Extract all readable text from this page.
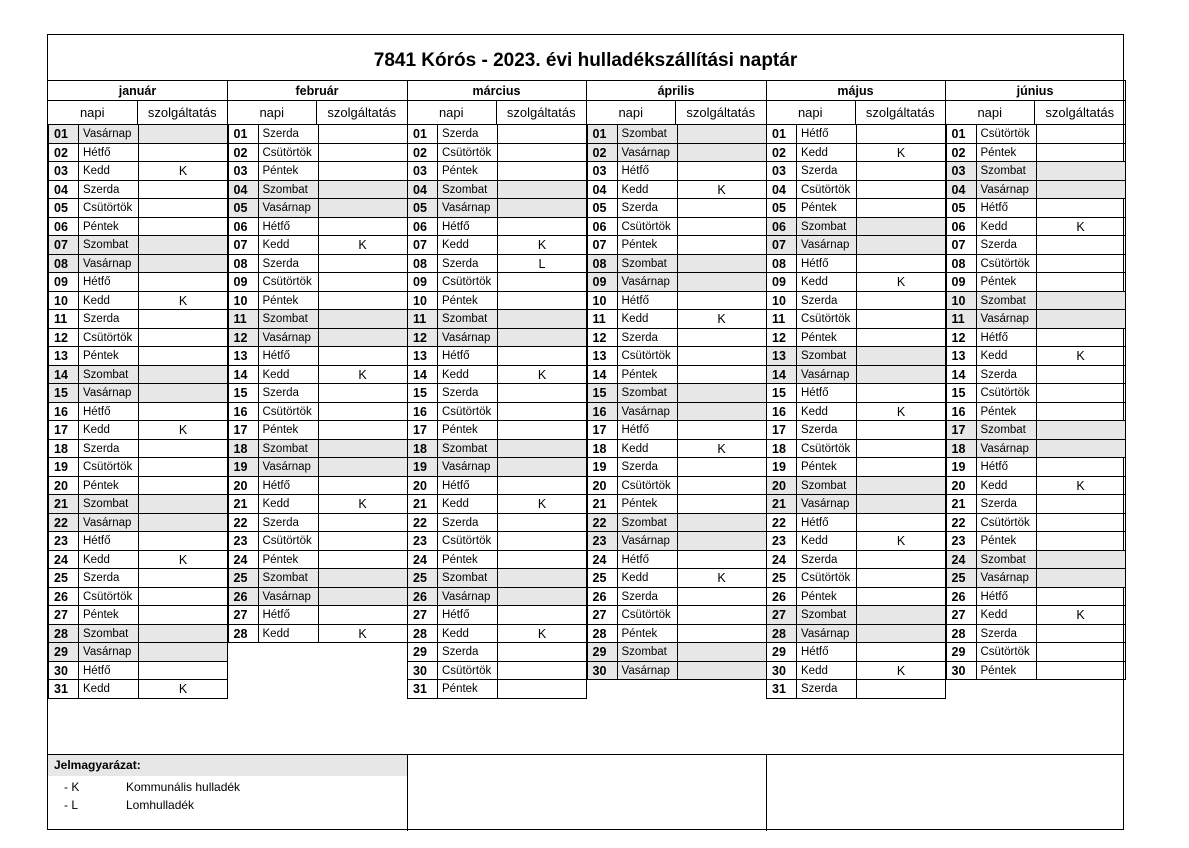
7841 Kórós - 2023. évi hulladékszállítási naptár
január
napi	szolgáltatás
01	Vasárnap
02	Hétfő
03	Kedd	K
04	Szerda
05	Csütörtök
06	Péntek
07	Szombat
08	Vasárnap
09	Hétfő
10	Kedd	K
11	Szerda
12	Csütörtök
13	Péntek
14	Szombat
15	Vasárnap
16	Hétfő
17	Kedd	K
18	Szerda
19	Csütörtök
20	Péntek
21	Szombat
22	Vasárnap
23	Hétfő
24	Kedd	K
25	Szerda
26	Csütörtök
27	Péntek
28	Szombat
29	Vasárnap
30	Hétfő
31	Kedd	K
február
napi	szolgáltatás
01	Szerda
02	Csütörtök
03	Péntek
04	Szombat
05	Vasárnap
06	Hétfő
07	Kedd	K
08	Szerda
09	Csütörtök
10	Péntek
11	Szombat
12	Vasárnap
13	Hétfő
14	Kedd	K
15	Szerda
16	Csütörtök
17	Péntek
18	Szombat
19	Vasárnap
20	Hétfő
21	Kedd	K
22	Szerda
23	Csütörtök
24	Péntek
25	Szombat
26	Vasárnap
27	Hétfő
28	Kedd	K
március
napi	szolgáltatás
01	Szerda
02	Csütörtök
03	Péntek
04	Szombat
05	Vasárnap
06	Hétfő
07	Kedd	K
08	Szerda	L
09	Csütörtök
10	Péntek
11	Szombat
12	Vasárnap
13	Hétfő
14	Kedd	K
15	Szerda
16	Csütörtök
17	Péntek
18	Szombat
19	Vasárnap
20	Hétfő
21	Kedd	K
22	Szerda
23	Csütörtök
24	Péntek
25	Szombat
26	Vasárnap
27	Hétfő
28	Kedd	K
29	Szerda
30	Csütörtök
31	Péntek
április
napi	szolgáltatás
01	Szombat
02	Vasárnap
03	Hétfő
04	Kedd	K
05	Szerda
06	Csütörtök
07	Péntek
08	Szombat
09	Vasárnap
10	Hétfő
11	Kedd	K
12	Szerda
13	Csütörtök
14	Péntek
15	Szombat
16	Vasárnap
17	Hétfő
18	Kedd	K
19	Szerda
20	Csütörtök
21	Péntek
22	Szombat
23	Vasárnap
24	Hétfő
25	Kedd	K
26	Szerda
27	Csütörtök
28	Péntek
29	Szombat
30	Vasárnap
május
napi	szolgáltatás
01	Hétfő
02	Kedd	K
03	Szerda
04	Csütörtök
05	Péntek
06	Szombat
07	Vasárnap
08	Hétfő
09	Kedd	K
10	Szerda
11	Csütörtök
12	Péntek
13	Szombat
14	Vasárnap
15	Hétfő
16	Kedd	K
17	Szerda
18	Csütörtök
19	Péntek
20	Szombat
21	Vasárnap
22	Hétfő
23	Kedd	K
24	Szerda
25	Csütörtök
26	Péntek
27	Szombat
28	Vasárnap
29	Hétfő
30	Kedd	K
31	Szerda
június
napi	szolgáltatás
01	Csütörtök
02	Péntek
03	Szombat
04	Vasárnap
05	Hétfő
06	Kedd	K
07	Szerda
08	Csütörtök
09	Péntek
10	Szombat
11	Vasárnap
12	Hétfő
13	Kedd	K
14	Szerda
15	Csütörtök
16	Péntek
17	Szombat
18	Vasárnap
19	Hétfő
20	Kedd	K
21	Szerda
22	Csütörtök
23	Péntek
24	Szombat
25	Vasárnap
26	Hétfő
27	Kedd	K
28	Szerda
29	Csütörtök
30	Péntek
Jelmagyarázat:
- K	Kommunális hulladék
- L	Lomhulladék
